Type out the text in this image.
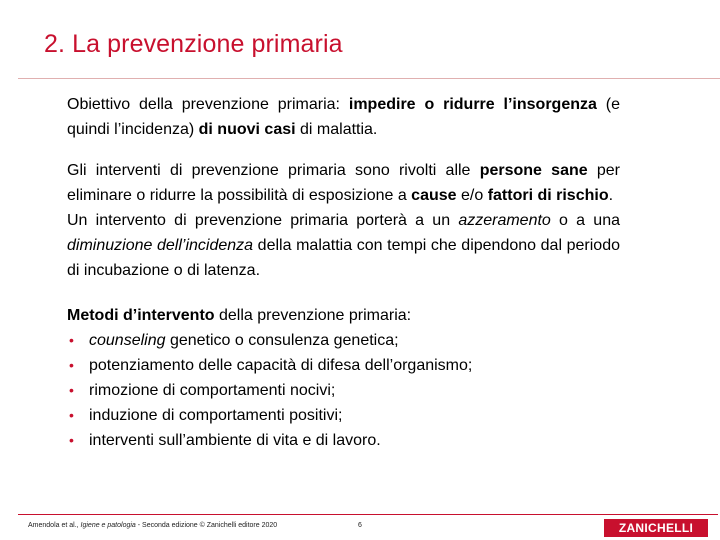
2. La prevenzione primaria

Obiettivo della prevenzione primaria: impedire o ridurre l’insorgenza (e quindi l’incidenza) di nuovi casi di malattia.

Gli interventi di prevenzione primaria sono rivolti alle persone sane per eliminare o ridurre la possibilità di esposizione a cause e/o fattori di rischio.

Un intervento di prevenzione primaria porterà a un azzeramento o a una diminuzione dell’incidenza della malattia con tempi che dipendono dal periodo di incubazione o di latenza.

Metodi d’intervento della prevenzione primaria:

• counseling genetico o consulenza genetica;
• potenziamento delle capacità di difesa dell’organismo;
• rimozione di comportamenti nocivi;
• induzione di comportamenti positivi;
• interventi sull’ambiente di vita e di lavoro.
Amendola et al., Igiene e patologia - Seconda edizione © Zanichelli editore 2020	6	ZANICHELLI
